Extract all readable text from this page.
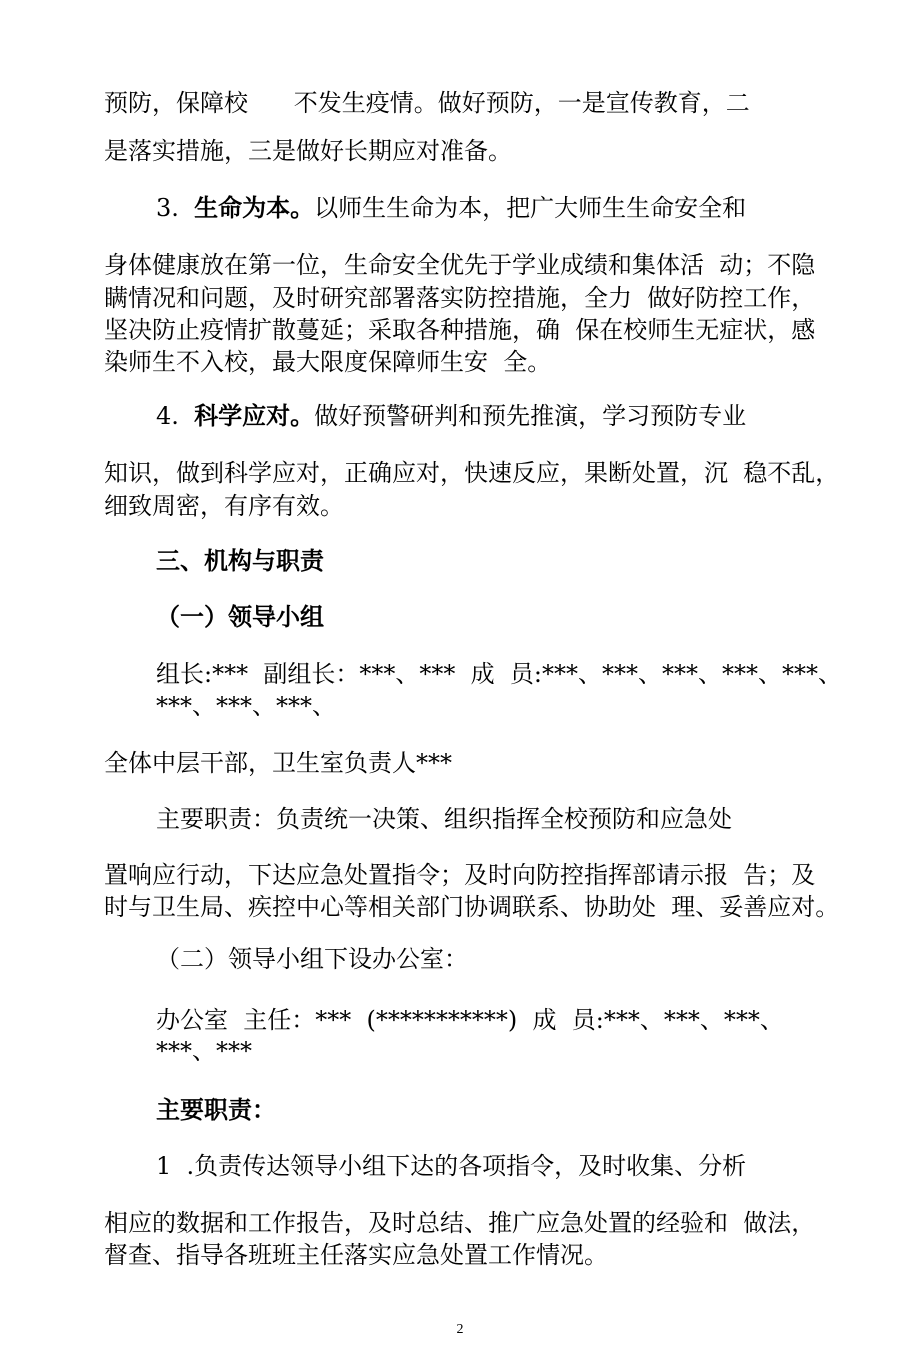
预防，保障校      不发生疫情。做好预防，一是宣传教育，二
是落实措施，三是做好长期应对准备。
3.  生命为本。以师生生命为本，把广大师生生命安全和
身体健康放在第一位，生命安全优先于学业成绩和集体活  动；不隐
瞒情况和问题，及时研究部署落实防控措施，全力  做好防控工作，
坚决防止疫情扩散蔓延；采取各种措施，确  保在校师生无症状，感
染师生不入校，最大限度保障师生安  全。
4.  科学应对。做好预警研判和预先推演，学习预防专业
知识，做到科学应对，正确应对，快速反应，果断处置，沉  稳不乱，
细致周密，有序有效。
三、机构与职责
（一）领导小组
组长:***  副组长：***、***  成  员:***、***、***、***、***、
***、***、***、
全体中层干部，卫生室负责人***
主要职责：负责统一决策、组织指挥全校预防和应急处
置响应行动，下达应急处置指令；及时向防控指挥部请示报  告；及
时与卫生局、疾控中心等相关部门协调联系、协助处  理、妥善应对。
（二）领导小组下设办公室：
办公室  主任：***  (***********)  成  员:***、***、***、
***、***
主要职责：
1  .负责传达领导小组下达的各项指令，及时收集、分析
相应的数据和工作报告，及时总结、推广应急处置的经验和  做法，
督查、指导各班班主任落实应急处置工作情况。
2
